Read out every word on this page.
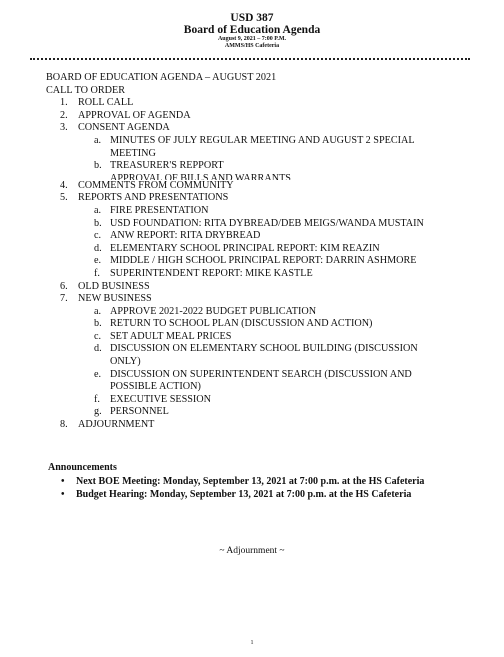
USD 387
Board of Education Agenda
August 9, 2021 – 7:00 P.M.
AMMS/HS Cafeteria
BOARD OF EDUCATION AGENDA – AUGUST 2021
CALL TO ORDER
ROLL CALL
APPROVAL OF AGENDA
CONSENT AGENDA
MINUTES OF JULY REGULAR MEETING AND AUGUST 2 SPECIAL MEETING
TREASURER'S REPPORT
APPROVAL OF BILLS AND WARRANTS
COMMENTS FROM COMMUNITY
REPORTS AND PRESENTATIONS
FIRE PRESENTATION
USD FOUNDATION: RITA DYBREAD/DEB MEIGS/WANDA MUSTAIN
ANW REPORT: RITA DRYBREAD
ELEMENTARY SCHOOL PRINCIPAL REPORT: KIM REAZIN
MIDDLE / HIGH SCHOOL PRINCIPAL REPORT: DARRIN ASHMORE
SUPERINTENDENT REPORT: MIKE KASTLE
OLD BUSINESS
NEW BUSINESS
APPROVE 2021-2022 BUDGET PUBLICATION
RETURN TO SCHOOL PLAN (DISCUSSION AND ACTION)
SET ADULT MEAL PRICES
DISCUSSION ON ELEMENTARY SCHOOL BUILDING (DISCUSSION ONLY)
DISCUSSION ON SUPERINTENDENT SEARCH (DISCUSSION AND POSSIBLE ACTION)
EXECUTIVE SESSION
PERSONNEL
ADJOURNMENT
Announcements
• Next BOE Meeting: Monday, September 13, 2021 at 7:00 p.m. at the HS Cafeteria
• Budget Hearing: Monday, September 13, 2021 at 7:00 p.m. at the HS Cafeteria
~ Adjournment ~
1
